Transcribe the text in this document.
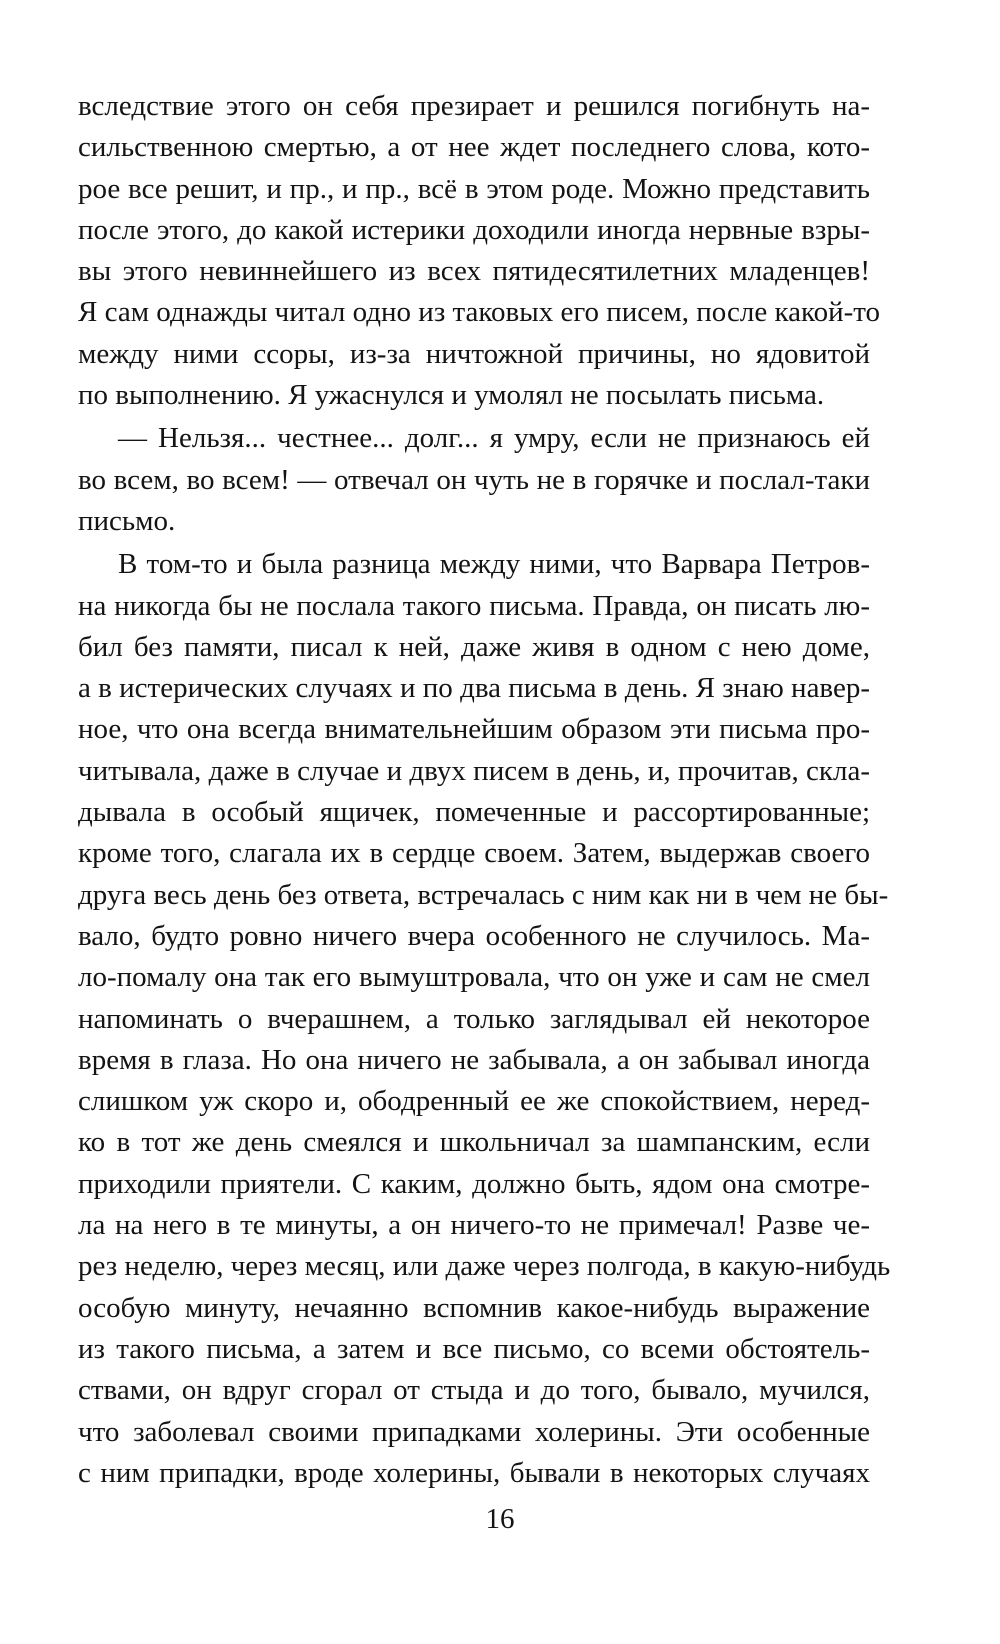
вследствие этого он себя презирает и решился погибнуть на-
сильственною смертью, а от нее ждет последнего слова, кото-
рое все решит, и пр., и пр., всё в этом роде. Можно представить
после этого, до какой истерики доходили иногда нервные взры-
вы этого невиннейшего из всех пятидесятилетних младенцев!
Я сам однажды читал одно из таковых его писем, после какой-то
между ними ссоры, из-за ничтожной причины, но ядовитой
по выполнению. Я ужаснулся и умолял не посылать письма.

— Нельзя... честнее... долг... я умру, если не признаюсь ей
во всем, во всем! — отвечал он чуть не в горячке и послал-таки
письмо.

В том-то и была разница между ними, что Варвара Петров-
на никогда бы не послала такого письма. Правда, он писать лю-
бил без памяти, писал к ней, даже живя в одном с нею доме,
а в истерических случаях и по два письма в день. Я знаю навер-
ное, что она всегда внимательнейшим образом эти письма про-
читывала, даже в случае и двух писем в день, и, прочитав, скла-
дывала в особый ящичек, помеченные и рассортированные;
кроме того, слагала их в сердце своем. Затем, выдержав своего
друга весь день без ответа, встречалась с ним как ни в чем не бы-
вало, будто ровно ничего вчера особенного не случилось. Ма-
ло-помалу она так его вымуштровала, что он уже и сам не смел
напоминать о вчерашнем, а только заглядывал ей некоторое
время в глаза. Но она ничего не забывала, а он забывал иногда
слишком уж скоро и, ободренный ее же спокойствием, неред-
ко в тот же день смеялся и школьничал за шампанским, если
приходили приятели. С каким, должно быть, ядом она смотре-
ла на него в те минуты, а он ничего-то не примечал! Разве че-
рез неделю, через месяц, или даже через полгода, в какую-нибудь
особую минуту, нечаянно вспомнив какое-нибудь выражение
из такого письма, а затем и все письмо, со всеми обстоятель-
ствами, он вдруг сгорал от стыда и до того, бывало, мучился,
что заболевал своими припадками холерины. Эти особенные
с ним припадки, вроде холерины, бывали в некоторых случаях

16
